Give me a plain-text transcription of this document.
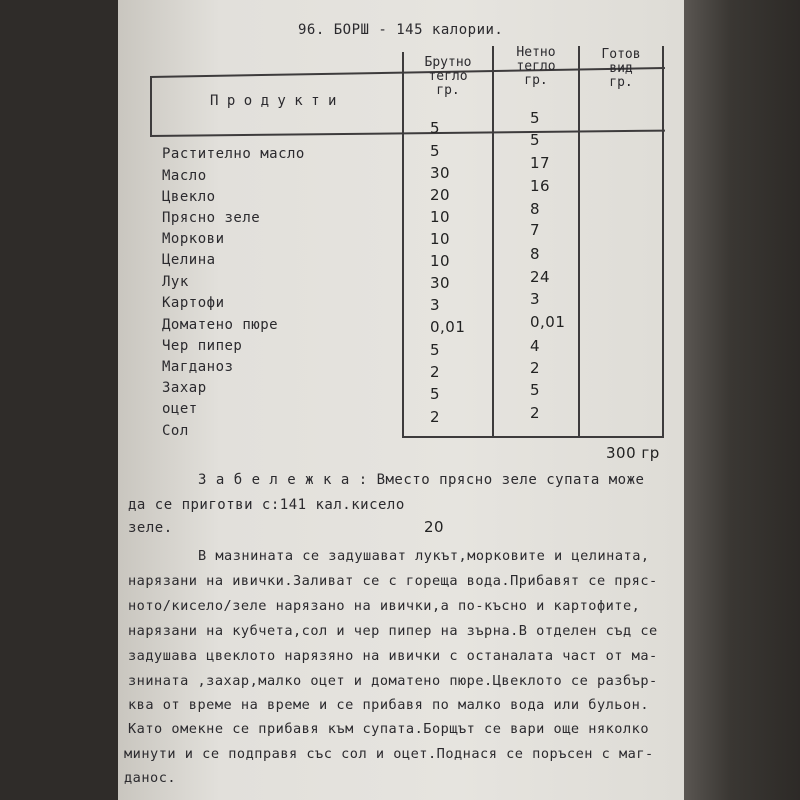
96. БОРШ - 145 калории.
П р о д у к т и
Брутно
тегло
гр.
Нетно
тегло
гр.
Готов
вид
гр.
Растително масло
Масло
Цвекло
Прясно зеле
Моркови
Целина
Лук
Картофи
Доматено пюре
Чер пипер
Магданоз
Захар
оцет
Сол
5
5
30
20
10
10
10
30
3
0,01
5
2
5
2
5
5
17
16
8
7
8
24
3
0,01
4
2
5
2
300 гр
З а б е л е ж к а : Вместо прясно зеле супата може
да се приготви с:141 кал.кисело
зеле.	20
В мазнината се задушават лукът,морковите и целината,
нарязани на ивички.Заливат се с гореща вода.Прибавят се пряс-
ното/кисело/зеле нарязано на ивички,а по-късно и картофите,
нарязани на кубчета,сол и чер пипер на зърна.В отделен съд се
задушава цвеклото нарязяно на ивички с останалата част от ма-
знината ,захар,малко оцет и доматено пюре.Цвеклото се разбър-
ква от време на време и се прибавя по малко вода или бульон.
Като омекне се прибавя към супата.Борщът се вари още няколко
минути и се подправя със сол и оцет.Поднася се поръсен с маг-
данос.
